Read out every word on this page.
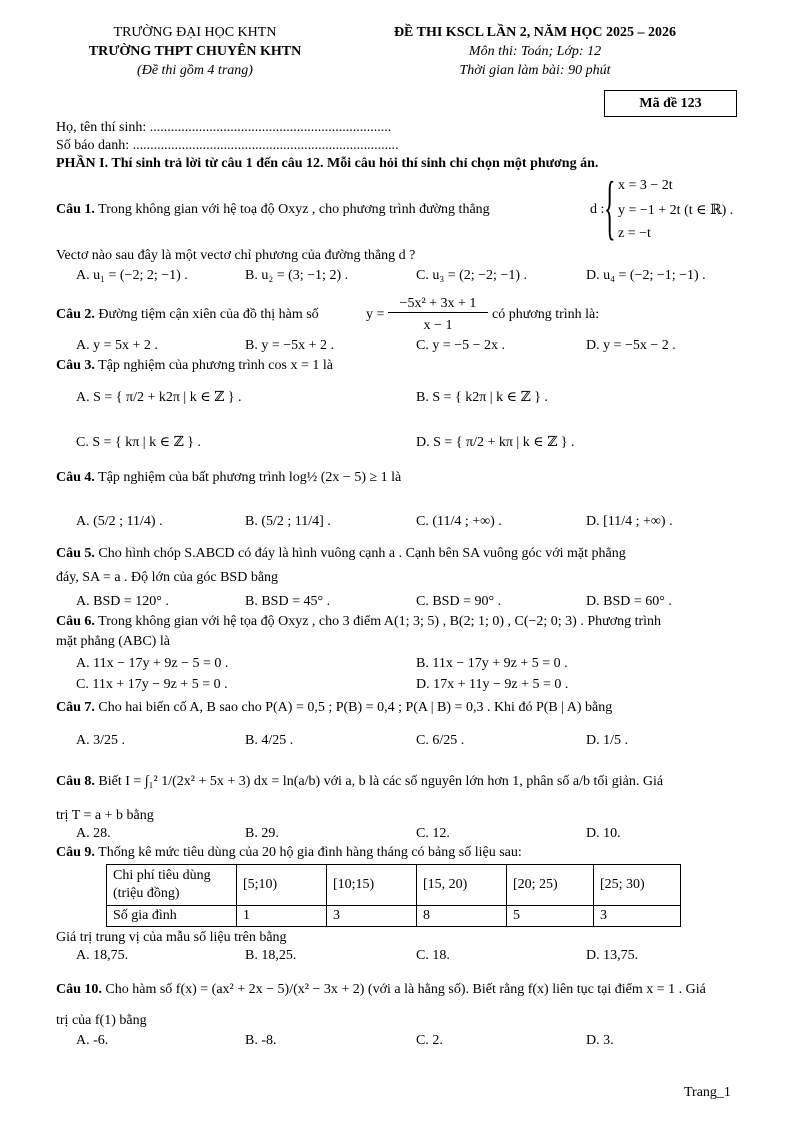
TRƯỜNG ĐẠI HỌC KHTN
TRƯỜNG THPT CHUYÊN KHTN
(Đề thi gồm 4 trang)
ĐỀ THI KSCL LẦN 2, NĂM HỌC 2025 – 2026
Môn thi: Toán; Lớp: 12
Thời gian làm bài: 90 phút
Mã đề 123
Họ, tên thí sinh: .....................................................................
Số báo danh: ............................................................................
PHẦN I. Thí sinh trả lời từ câu 1 đến câu 12. Mỗi câu hỏi thí sinh chỉ chọn một phương án.
Câu 1. Trong không gian với hệ toạ độ Oxyz , cho phương trình đường thẳng	d : { x = 3 − 2t
y = −1 + 2t (t ∈ ℝ) .
z = −t
Vectơ nào sau đây là một vectơ chỉ phương của đường thẳng d ?
A. u₁ = (−2; 2; −1) .	B. u₂ = (3; −1; 2) .	C. u₃ = (2; −2; −1) .	D. u₄ = (−2; −1; −1) .
Câu 2. Đường tiệm cận xiên của đồ thị hàm số	y =
−5x² + 3x + 1
x − 1
có phương trình là:
A. y = 5x + 2 .	B. y = −5x + 2 .	C. y = −5 − 2x .	D. y = −5x − 2 .
Câu 3. Tập nghiệm của phương trình cos x = 1 là
A. S = { π/2 + k2π | k ∈ ℤ } .	B. S = { k2π | k ∈ ℤ } .
C. S = { kπ | k ∈ ℤ } .	D. S = { π/2 + kπ | k ∈ ℤ } .
Câu 4. Tập nghiệm của bất phương trình log½ (2x − 5) ≥ 1 là
A. (5/2 ; 11/4) .	B. (5/2 ; 11/4] .	C. (11/4 ; +∞) .	D. [11/4 ; +∞) .
Câu 5. Cho hình chóp S.ABCD có đáy là hình vuông cạnh a . Cạnh bên SA vuông góc với mặt phẳng
đáy, SA = a . Độ lớn của góc BSD bằng
A. BSD = 120° .	B. BSD = 45° .	C. BSD = 90° .	D. BSD = 60° .
Câu 6. Trong không gian với hệ tọa độ Oxyz , cho 3 điểm A(1; 3; 5) , B(2; 1; 0) , C(−2; 0; 3) . Phương trình
mặt phẳng (ABC) là
A. 11x − 17y + 9z − 5 = 0 .	B. 11x − 17y + 9z + 5 = 0 .
C. 11x + 17y − 9z + 5 = 0 .	D. 17x + 11y − 9z + 5 = 0 .
Câu 7. Cho hai biến cố A, B sao cho P(A) = 0,5 ; P(B) = 0,4 ; P(A | B) = 0,3 . Khi đó P(B | A) bằng
A. 3/25 .	B. 4/25 .	C. 6/25 .	D. 1/5 .
Câu 8. Biết I = ∫₁² 1/(2x² + 5x + 3) dx = ln(a/b) với a, b là các số nguyên lớn hơn 1, phân số a/b tối giản. Giá
trị T = a + b bằng
A. 28.	B. 29.	C. 12.	D. 10.
Câu 9. Thống kê mức tiêu dùng của 20 hộ gia đình hàng tháng có bảng số liệu sau:
Chi phí tiêu dùng (triệu đồng)	[5;10)	[10;15)	[15, 20)	[20; 25)	[25; 30)
Số gia đình	1	3	8	5	3
Giá trị trung vị của mẫu số liệu trên bằng
A. 18,75.	B. 18,25.	C. 18.	D. 13,75.
Câu 10. Cho hàm số f(x) = (ax² + 2x − 5)/(x² − 3x + 2) (với a là hằng số). Biết rằng f(x) liên tục tại điểm x = 1 . Giá
trị của f(1) bằng
A. -6.	B. -8.	C. 2.	D. 3.
Trang_1
